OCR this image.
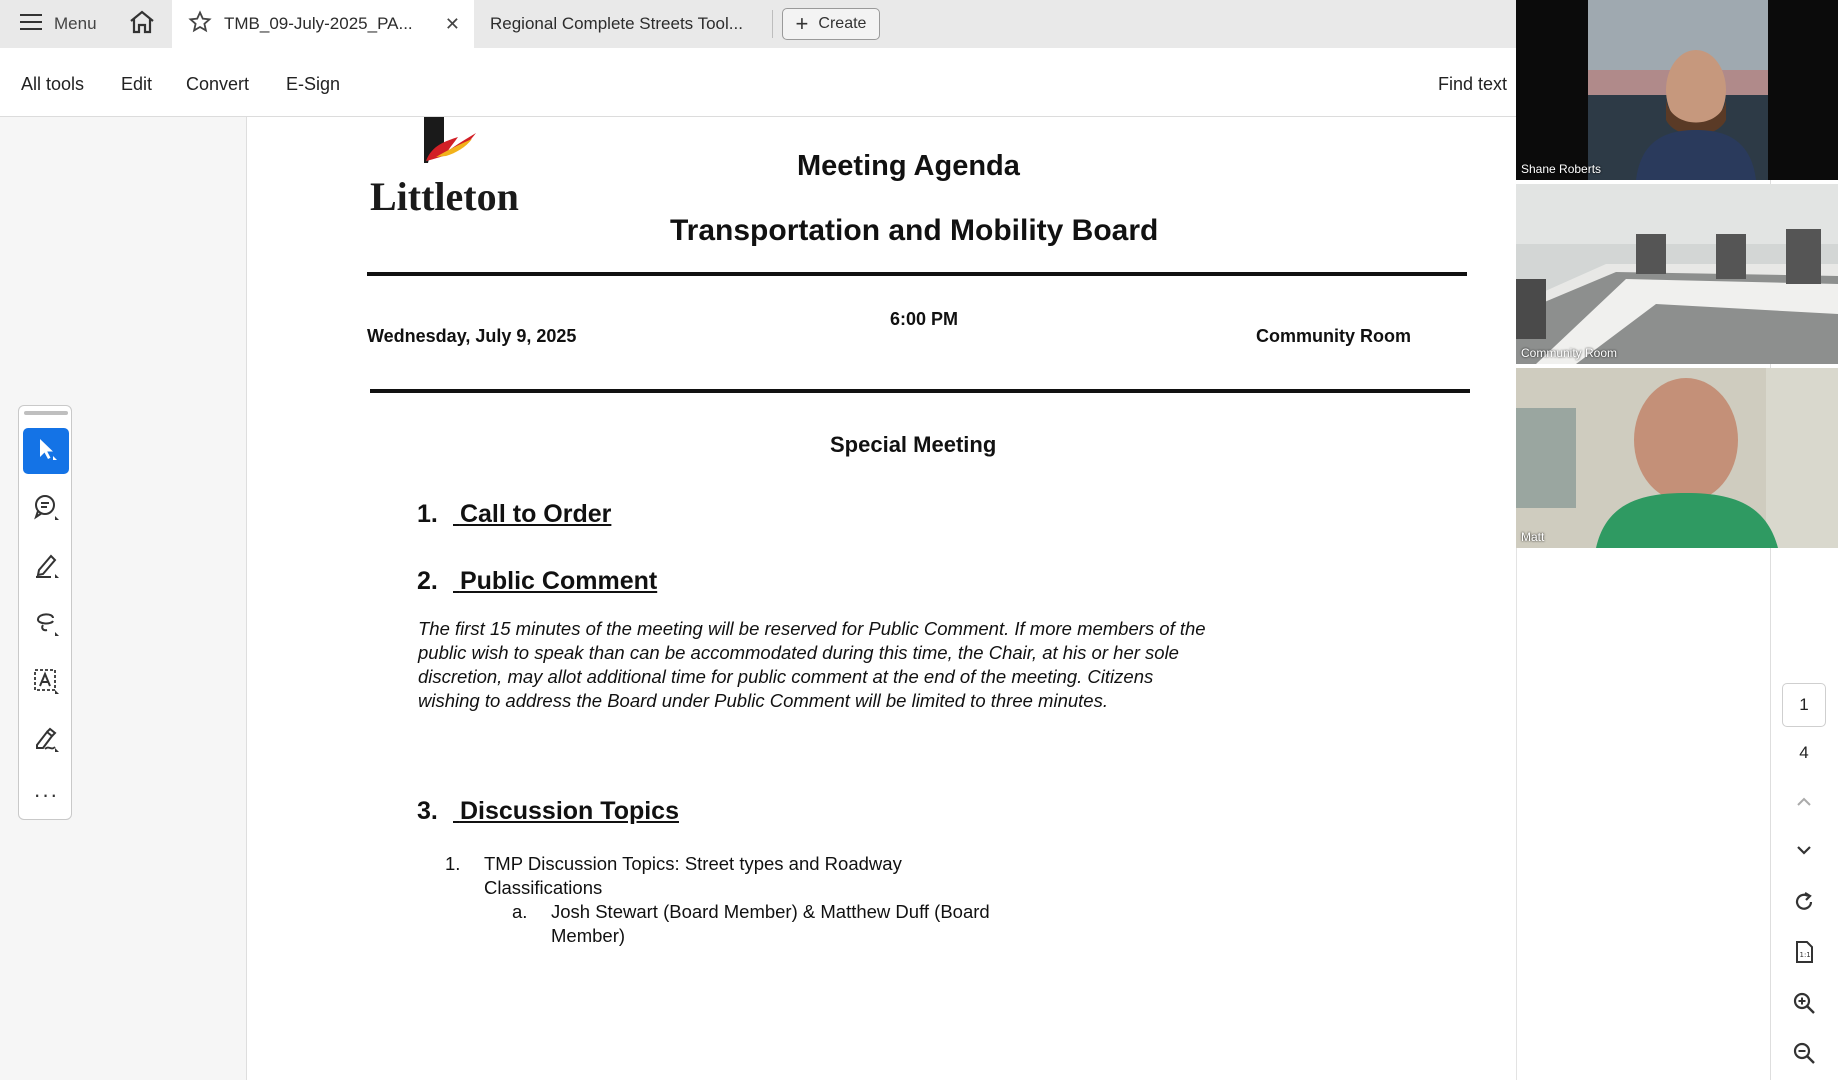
Menu	TMB_09-July-2025_PA...	✕ Regional Complete Streets Tool... + Create
All tools Edit Convert E-Sign	Find text
···
Littleton
Meeting Agenda
Transportation and Mobility Board
Wednesday, July 9, 2025
6:00 PM
Community Room
Special Meeting
1. Call to Order
2. Public Comment
The first 15 minutes of the meeting will be reserved for Public Comment. If more members of the public wish to speak than can be accommodated during this time, the Chair, at his or her sole discretion, may allot additional time for public comment at the end of the meeting. Citizens wishing to address the Board under Public Comment will be limited to three minutes.
3. Discussion Topics
1. TMP Discussion Topics: Street types and Roadway Classifications
a. Josh Stewart (Board Member) & Matthew Duff (Board Member)
1
4
1:1
Shane Roberts
Community Room
Matt
